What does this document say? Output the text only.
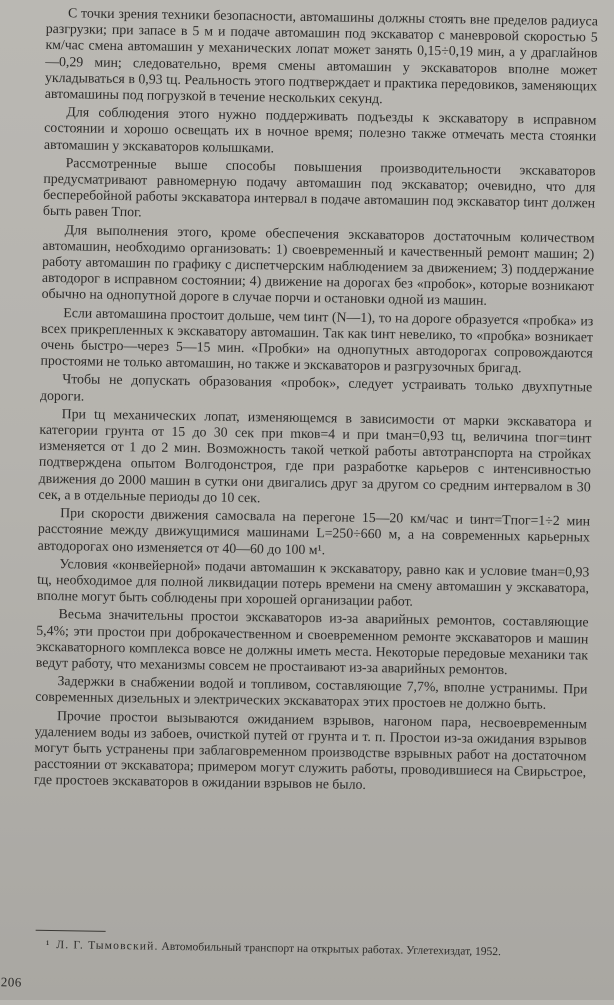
С точки зрения техники безопасности, автомашины должны стоять вне пределов радиуса разгрузки; при запасе в 5 м и подаче автомашин под экскаватор с маневровой скоростью 5 км/час смена автомашин у механических лопат может занять 0,15÷0,19 мин, а у драглайнов—0,29 мин; следовательно, время смены автомашин у экскаваторов вполне может укладываться в 0,93 tц. Реальность этого подтверждает и практика передовиков, заменяющих автомашины под погрузкой в течение нескольких секунд.

Для соблюдения этого нужно поддерживать подъезды к экскаватору в исправном состоянии и хорошо освещать их в ночное время; полезно также отмечать места стоянки автомашин у экскаваторов колышками.

Рассмотренные выше способы повышения производительности экскаваторов предусматривают равномерную подачу автомашин под экскаватор; очевидно, что для бесперебойной работы экскаватора интервал в подаче автомашин под экскаватор tинт должен быть равен Tпог.

Для выполнения этого, кроме обеспечения экскаваторов достаточным количеством автомашин, необходимо организовать: 1) своевременный и качественный ремонт машин; 2) работу автомашин по графику с диспетчерским наблюдением за движением; 3) поддержание автодорог в исправном состоянии; 4) движение на дорогах без «пробок», которые возникают обычно на однопутной дороге в случае порчи и остановки одной из машин.

Если автомашина простоит дольше, чем tинт (N—1), то на дороге образуется «пробка» из всех прикрепленных к экскаватору автомашин. Так как tинт невелико, то «пробка» возникает очень быстро—через 5—15 мин. «Пробки» на однопутных автодорогах сопровождаются простоями не только автомашин, но также и экскаваторов и разгрузочных бригад.

Чтобы не допускать образования «пробок», следует устраивать только двухпутные дороги.

При tц механических лопат, изменяющемся в зависимости от марки экскаватора и категории грунта от 15 до 30 сек при mков=4 и при tман=0,93 tц, величина tпог=tинт изменяется от 1 до 2 мин. Возможность такой четкой работы автотранспорта на стройках подтверждена опытом Волгодонстроя, где при разработке карьеров с интенсивностью движения до 2000 машин в сутки они двигались друг за другом со средним интервалом в 30 сек, а в отдельные периоды до 10 сек.

При скорости движения самосвала на перегоне 15—20 км/час и tинт=Tпог=1÷2 мин расстояние между движущимися машинами L=250÷660 м, а на современных карьерных автодорогах оно изменяется от 40—60 до 100 м¹.

Условия «конвейерной» подачи автомашин к экскаватору, равно как и условие tман=0,93 tц, необходимое для полной ликвидации потерь времени на смену автомашин у экскаватора, вполне могут быть соблюдены при хорошей организации работ.

Весьма значительны простои экскаваторов из-за аварийных ремонтов, составляющие 5,4%; эти простои при доброкачественном и своевременном ремонте экскаваторов и машин экскаваторного комплекса вовсе не должны иметь места. Некоторые передовые механики так ведут работу, что механизмы совсем не простаивают из-за аварийных ремонтов.

Задержки в снабжении водой и топливом, составляющие 7,7%, вполне устранимы. При современных дизельных и электрических экскаваторах этих простоев не должно быть.

Прочие простои вызываются ожиданием взрывов, нагоном пара, несвоевременным удалением воды из забоев, очисткой путей от грунта и т. п. Простои из-за ожидания взрывов могут быть устранены при заблаговременном производстве взрывных работ на достаточном расстоянии от экскаватора; примером могут служить работы, проводившиеся на Свирьстрое, где простоев экскаваторов в ожидании взрывов не было.

¹ Л. Г. Тымовский. Автомобильный транспорт на открытых работах. Углетехиздат, 1952.
206
